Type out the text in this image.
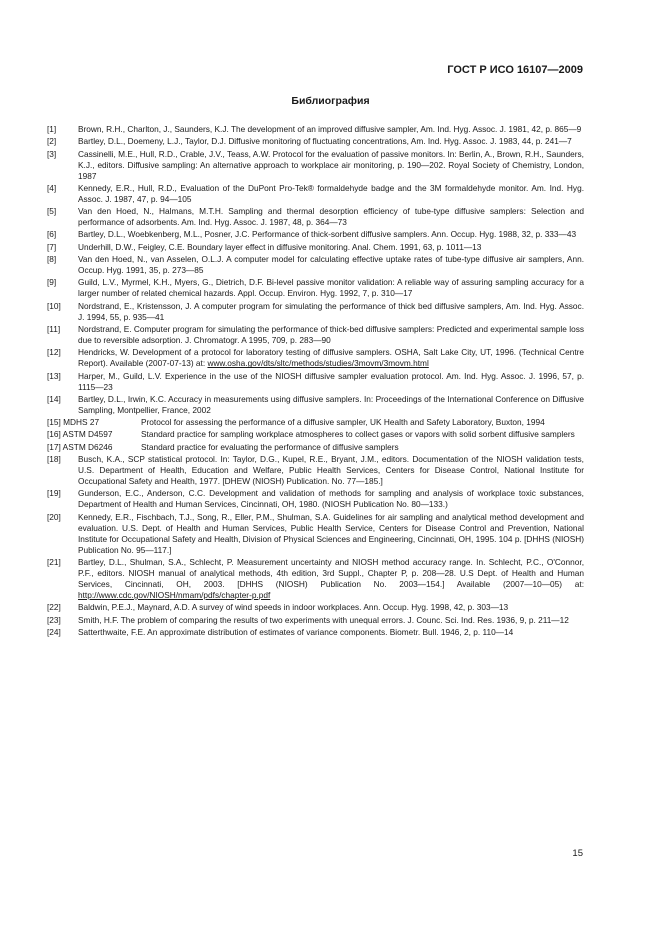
ГОСТ Р ИСО 16107—2009
Библиография
[1]	Brown, R.H., Charlton, J., Saunders, K.J. The development of an improved diffusive sampler, Am. Ind. Hyg. Assoc. J. 1981, 42, p. 865—9
[2]	Bartley, D.L., Doemeny, L.J., Taylor, D.J. Diffusive monitoring of fluctuating concentrations, Am. Ind. Hyg. Assoc. J. 1983, 44, p. 241—7
[3]	Cassinelli, M.E., Hull, R.D., Crable, J.V., Teass, A.W. Protocol for the evaluation of passive monitors. In: Berlin, A., Brown, R.H., Saunders, K.J., editors. Diffusive sampling: An alternative approach to workplace air monitoring, p. 190—202. Royal Society of Chemistry, London, 1987
[4]	Kennedy, E.R., Hull, R.D., Evaluation of the DuPont Pro-Tek® formaldehyde badge and the 3M formaldehyde monitor. Am. Ind. Hyg. Assoc. J. 1987, 47, p. 94—105
[5]	Van den Hoed, N., Halmans, M.T.H. Sampling and thermal desorption efficiency of tube-type diffusive samplers: Selection and performance of adsorbents. Am. Ind. Hyg. Assoc. J. 1987, 48, p. 364—73
[6]	Bartley, D.L., Woebkenberg, M.L., Posner, J.C. Performance of thick-sorbent diffusive samplers. Ann. Occup. Hyg. 1988, 32, p. 333—43
[7]	Underhill, D.W., Feigley, C.E. Boundary layer effect in diffusive monitoring. Anal. Chem. 1991, 63, p. 1011—13
[8]	Van den Hoed, N., van Asselen, O.L.J. A computer model for calculating effective uptake rates of tube-type diffusive air samplers, Ann. Occup. Hyg. 1991, 35, p. 273—85
[9]	Guild, L.V., Myrmel, K.H., Myers, G., Dietrich, D.F. Bi-level passive monitor validation: A reliable way of assuring sampling accuracy for a larger number of related chemical hazards. Appl. Occup. Environ. Hyg. 1992, 7, p. 310—17
[10]	Nordstrand, E., Kristensson, J. A computer program for simulating the performance of thick bed diffusive samplers, Am. Ind. Hyg. Assoc. J. 1994, 55, p. 935—41
[11]	Nordstrand, E. Computer program for simulating the performance of thick-bed diffusive samplers: Predicted and experimental sample loss due to reversible adsorption. J. Chromatogr. A 1995, 709, p. 283—90
[12]	Hendricks, W. Development of a protocol for laboratory testing of diffusive samplers. OSHA, Salt Lake City, UT, 1996. (Technical Centre Report). Available (2007-07-13) at: www.osha.gov/dts/sltc/methods/studies/3movm/3movm.html
[13]	Harper, M., Guild, L.V. Experience in the use of the NIOSH diffusive sampler evaluation protocol. Am. Ind. Hyg. Assoc. J. 1996, 57, p. 1115—23
[14]	Bartley, D.L., Irwin, K.C. Accuracy in measurements using diffusive samplers. In: Proceedings of the International Conference on Diffusive Sampling, Montpellier, France, 2002
[15] MDHS 27	Protocol for assessing the performance of a diffusive sampler, UK Health and Safety Laboratory, Buxton, 1994
[16] ASTM D4597	Standard practice for sampling workplace atmospheres to collect gases or vapors with solid sorbent diffusive samplers
[17] ASTM D6246	Standard practice for evaluating the performance of diffusive samplers
[18]	Busch, K.A., SCP statistical protocol. In: Taylor, D.G., Kupel, R.E., Bryant, J.M., editors. Documentation of the NIOSH validation tests, U.S. Department of Health, Education and Welfare, Public Health Services, Centers for Disease Control, National Institute for Occupational Safety and Health, 1977. [DHEW (NIOSH) Publication. No. 77—185.]
[19]	Gunderson, E.C., Anderson, C.C. Development and validation of methods for sampling and analysis of workplace toxic substances, Department of Health and Human Services, Cincinnati, OH, 1980. (NIOSH Publication No. 80—133.)
[20]	Kennedy, E.R., Fischbach, T.J., Song, R., Eller, P.M., Shulman, S.A. Guidelines for air sampling and analytical method development and evaluation. U.S. Dept. of Health and Human Services, Public Health Service, Centers for Disease Control and Prevention, National Institute for Occupational Safety and Health, Division of Physical Sciences and Engineering, Cincinnati, OH, 1995. 104 p. [DHHS (NIOSH) Publication No. 95—117.]
[21]	Bartley, D.L., Shulman, S.A., Schlecht, P. Measurement uncertainty and NIOSH method accuracy range. In. Schlecht, P.C., O'Connor, P.F., editors. NIOSH manual of analytical methods, 4th edition, 3rd Suppl., Chapter P, p. 208—28. U.S Dept. of Health and Human Services, Cincinnati, OH, 2003. [DHHS (NIOSH) Publication No. 2003—154.] Available (2007—10—05) at: http://www.cdc.gov/NIOSH/nmam/pdfs/chapter-p.pdf
[22]	Baldwin, P.E.J., Maynard, A.D. A survey of wind speeds in indoor workplaces. Ann. Occup. Hyg. 1998, 42, p. 303—13
[23]	Smith, H.F. The problem of comparing the results of two experiments with unequal errors. J. Counc. Sci. Ind. Res. 1936, 9, p. 211—12
[24]	Satterthwaite, F.E. An approximate distribution of estimates of variance components. Biometr. Bull. 1946, 2, p. 110—14
15
